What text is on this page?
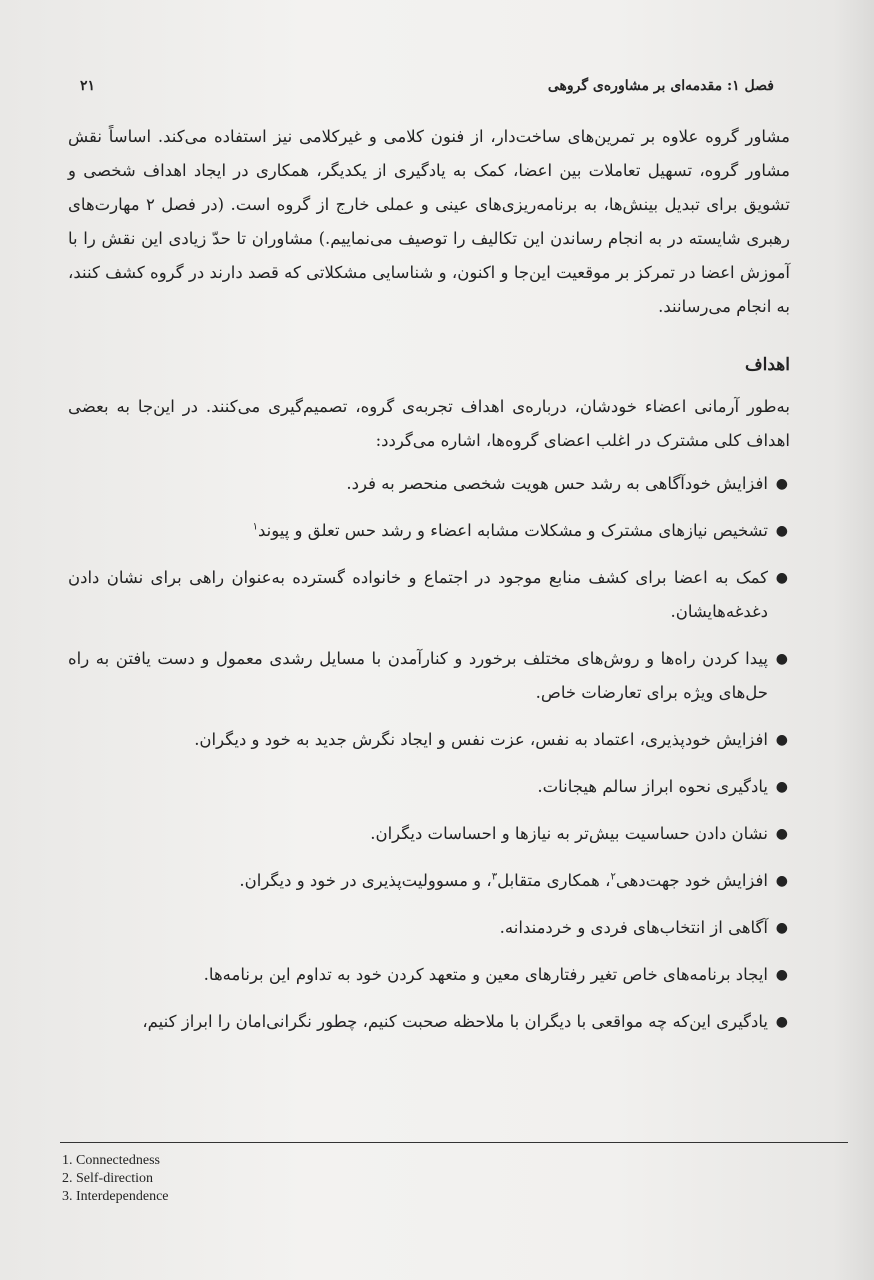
۲۱	فصل ۱: مقدمه‌ای بر مشاوره‌ی گروهی

مشاور گروه علاوه بر تمرین‌های ساخت‌دار، از فنون کلامی و غیرکلامی نیز استفاده می‌کند. اساساً نقش مشاور گروه، تسهیل تعاملات بین اعضا، کمک به یادگیری از یکدیگر، همکاری در ایجاد اهداف شخصی و تشویق برای تبدیل بینش‌ها، به برنامه‌ریزی‌های عینی و عملی خارج از گروه است. (در فصل ۲ مهارت‌های رهبری شایسته در به انجام رساندن این تکالیف را توصیف می‌نماییم.) مشاوران تا حدّ زیادی این نقش را با آموزش اعضا در تمرکز بر موقعیت این‌جا و اکنون، و شناسایی مشکلاتی که قصد دارند در گروه کشف کنند، به انجام می‌رسانند.

اهداف

به‌طور آرمانی اعضاء خودشان، درباره‌ی اهداف تجربه‌ی گروه، تصمیم‌گیری می‌کنند. در این‌جا به بعضی اهداف کلی مشترک در اغلب اعضای گروه‌ها، اشاره می‌گردد:

●
افزایش خودآگاهی به رشد حس هویت شخصی منحصر به فرد.
●
تشخیص نیازهای مشترک و مشکلات مشابه اعضاء و رشد حس تعلق و پیوند$^۱$
●
کمک به اعضا برای کشف منابع موجود در اجتماع و خانواده گسترده به‌عنوان راهی برای نشان دادن دغدغه‌هایشان.
●
پیدا کردن راه‌ها و روش‌های مختلف برخورد و کنارآمدن با مسایل رشدی معمول و دست یافتن به راه حل‌های ویژه برای تعارضات خاص.
●
افزایش خودپذیری، اعتماد به نفس، عزت نفس و ایجاد نگرش جدید به خود و دیگران.
●
یادگیری نحوه ابراز سالم هیجانات.
●
نشان دادن حساسیت بیش‌تر به نیازها و احساسات دیگران.
●
افزایش خود جهت‌دهی$^۲$، همکاری متقابل$^۳$، و مسوولیت‌پذیری در خود و دیگران.
●
آگاهی از انتخاب‌های فردی و خردمندانه.
●
ایجاد برنامه‌های خاص تغیر رفتارهای معین و متعهد کردن خود به تداوم این برنامه‌ها.
●
یادگیری این‌که چه مواقعی با دیگران با ملاحظه صحبت کنیم، چطور نگرانی‌امان را ابراز کنیم،
1. Connectedness
2. Self-direction
3. Interdependence
